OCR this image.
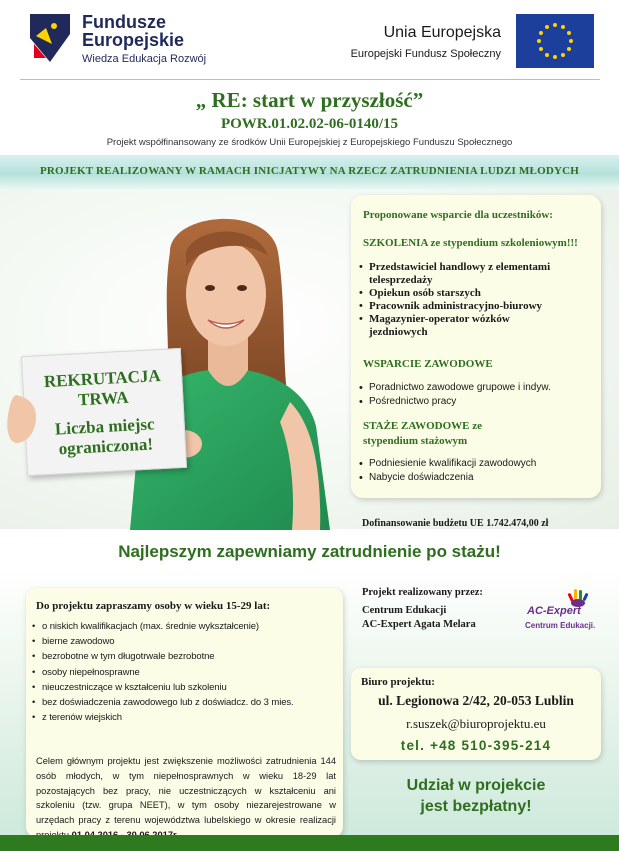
Fundusze
Europejskie
Wiedza Edukacja Rozwój
Unia Europejska
Europejski Fundusz Społeczny
„ RE: start w przyszłość”
POWR.01.02.02-06-0140/15
Projekt współfinansowany ze środków Unii Europejskiej z Europejskiego Funduszu Społecznego
PROJEKT REALIZOWANY W RAMACH INICJATYWY NA RZECZ ZATRUDNIENIA LUDZI MŁODYCH
REKRUTACJA
TRWA
Liczba miejsc
ograniczona!
Proponowane wsparcie dla uczestników:
SZKOLENIA ze stypendium szkoleniowym!!!
• Przedstawiciel handlowy z elementami
telesprzedaży
• Opiekun osób starszych
• Pracownik administracyjno-biurowy
• Magazynier-operator wózków
jezdniowych
WSPARCIE ZAWODOWE
• Poradnictwo zawodowe grupowe i indyw.
• Pośrednictwo pracy
STAŻE ZAWODOWE ze
stypendium stażowym
• Podniesienie kwalifikacji zawodowych
• Nabycie doświadczenia
Dofinansowanie budżetu UE 1.742.474,00 zł
Najlepszym zapewniamy zatrudnienie po stażu!
Do projektu zapraszamy osoby w wieku 15-29 lat:
• o niskich kwalifikacjach (max. średnie wykształcenie)
• bierne zawodowo
• bezrobotne w tym długotrwale bezrobotne
• osoby niepełnosprawne
• nieuczestniczące w kształceniu lub szkoleniu
• bez doświadczenia zawodowego lub z doświadcz. do 3 mies.
• z terenów wiejskich
Celem głównym projektu jest zwiększenie możliwości zatrudnienia 144 osób młodych, w tym niepełnosprawnych w wieku 18-29 lat pozostających bez pracy, nie uczestniczących w kształceniu ani szkoleniu (tzw. grupa NEET), w tym osoby niezarejestrowane w urzędach pracy z terenu województwa lubelskiego w okresie realizacji
Projekt realizowany przez:
Centrum Edukacji
AC-Expert Agata Melara
AC-Expert
Centrum Edukacji.
Biuro projektu:
ul. Legionowa 2/42, 20-053 Lublin
r.suszek@biuroprojektu.eu
tel. +48 510-395-214
Udział w projekcie
jest bezpłatny!
